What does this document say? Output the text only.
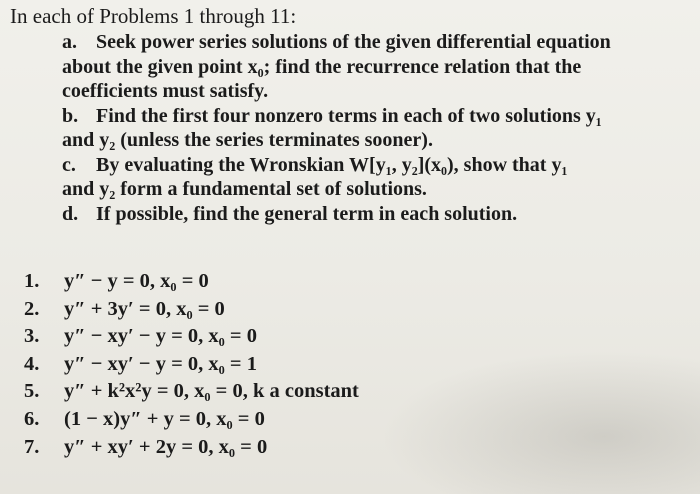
In each of Problems 1 through 11:
a. Seek power series solutions of the given differential equation
about the given point x₀; find the recurrence relation that the
coefficients must satisfy.
b. Find the first four nonzero terms in each of two solutions y₁
and y₂ (unless the series terminates sooner).
c. By evaluating the Wronskian W[y₁, y₂](x₀), show that y₁
and y₂ form a fundamental set of solutions.
d. If possible, find the general term in each solution.
1. y″ − y = 0, x₀ = 0
2. y″ + 3y′ = 0, x₀ = 0
3. y″ − xy′ − y = 0, x₀ = 0
4. y″ − xy′ − y = 0, x₀ = 1
5. y″ + k²x²y = 0, x₀ = 0, k a constant
6. (1 − x)y″ + y = 0, x₀ = 0
7. y″ + xy′ + 2y = 0, x₀ = 0
